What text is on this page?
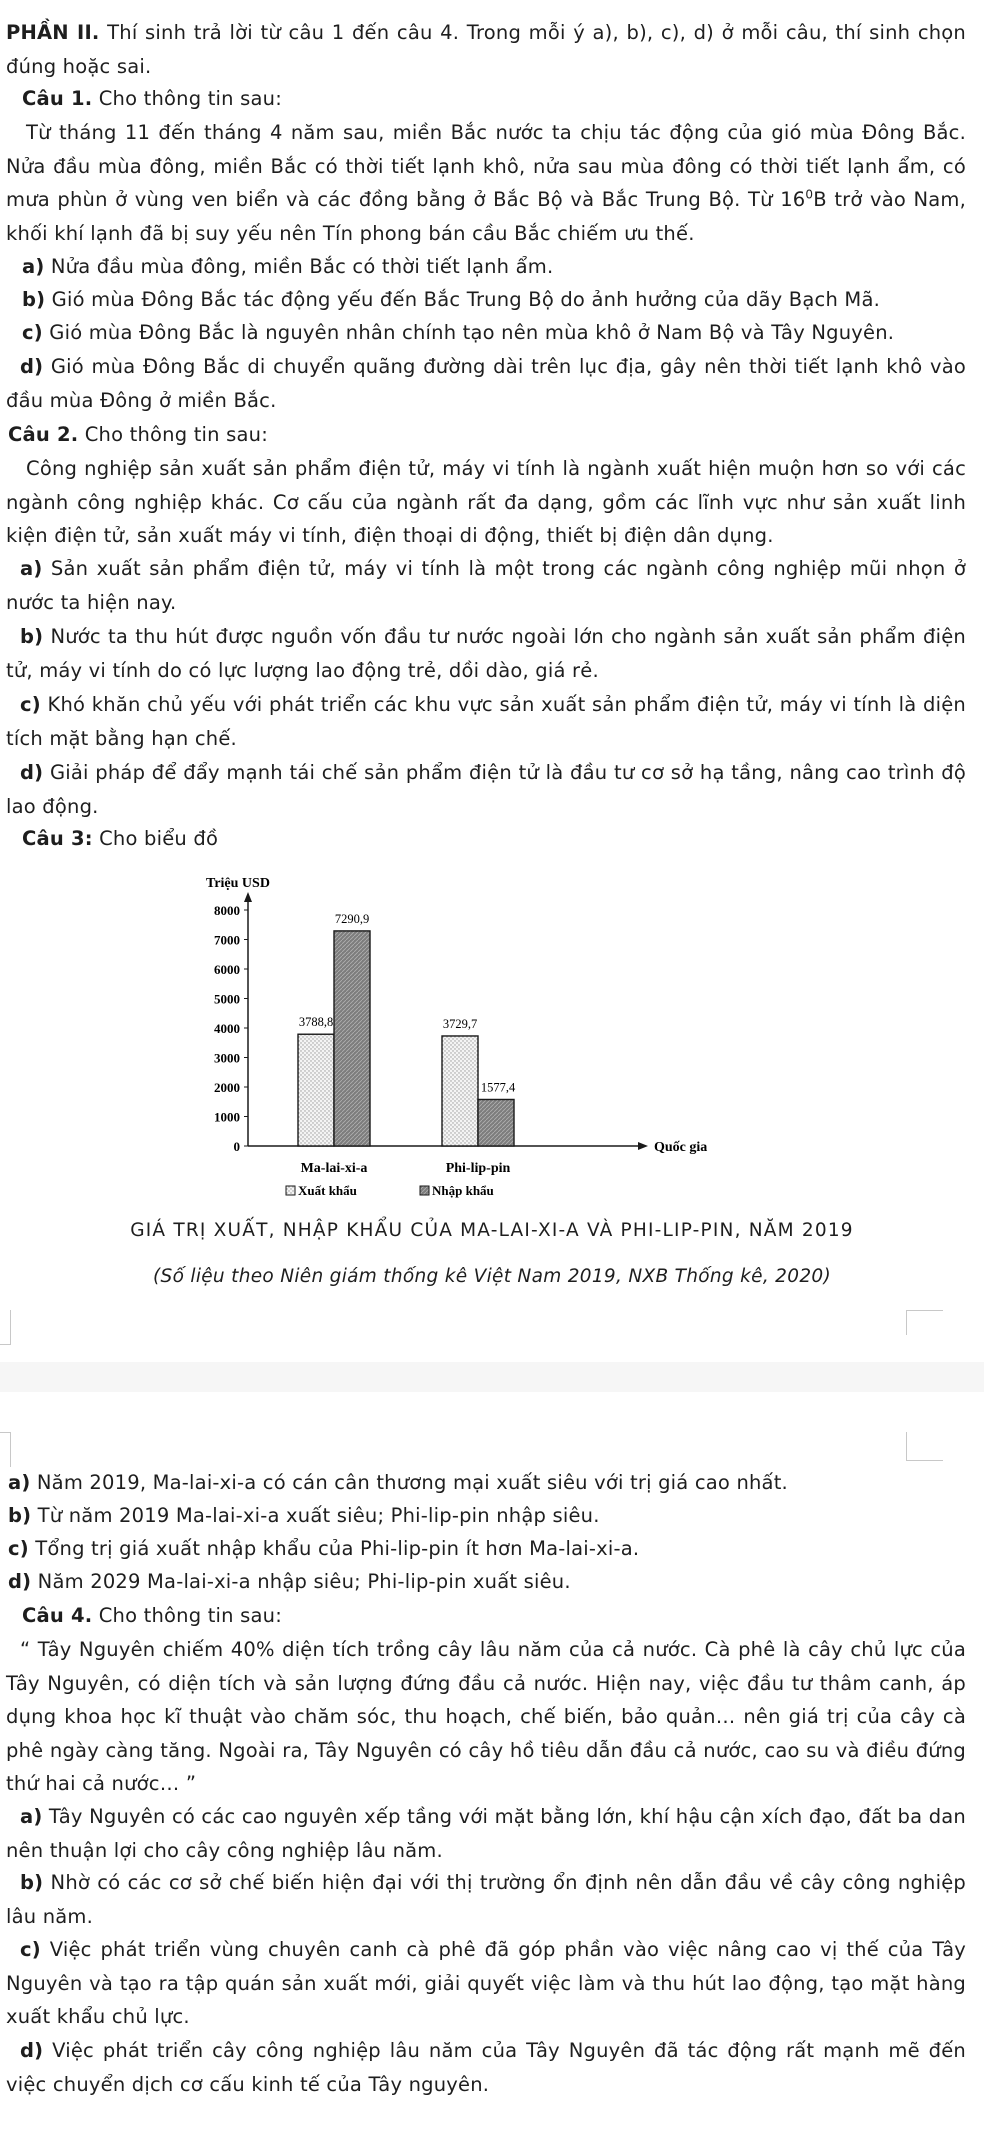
PHẦN II. Thí sinh trả lời từ câu 1 đến câu 4. Trong mỗi ý a), b), c), d) ở mỗi câu, thí sinh chọn đúng hoặc sai.

Câu 1. Cho thông tin sau:

Từ tháng 11 đến tháng 4 năm sau, miền Bắc nước ta chịu tác động của gió mùa Đông Bắc. Nửa đầu mùa đông, miền Bắc có thời tiết lạnh khô, nửa sau mùa đông có thời tiết lạnh ẩm, có mưa phùn ở vùng ven biển và các đồng bằng ở Bắc Bộ và Bắc Trung Bộ. Từ $16^0B$ trở vào Nam, khối khí lạnh đã bị suy yếu nên Tín phong bán cầu Bắc chiếm ưu thế.

a) Nửa đầu mùa đông, miền Bắc có thời tiết lạnh ẩm.

b) Gió mùa Đông Bắc tác động yếu đến Bắc Trung Bộ do ảnh hưởng của dãy Bạch Mã.

c) Gió mùa Đông Bắc là nguyên nhân chính tạo nên mùa khô ở Nam Bộ và Tây Nguyên.

d) Gió mùa Đông Bắc di chuyển quãng đường dài trên lục địa, gây nên thời tiết lạnh khô vào đầu mùa Đông ở miền Bắc.

Câu 2. Cho thông tin sau:

Công nghiệp sản xuất sản phẩm điện tử, máy vi tính là ngành xuất hiện muộn hơn so với các ngành công nghiệp khác. Cơ cấu của ngành rất đa dạng, gồm các lĩnh vực như sản xuất linh kiện điện tử, sản xuất máy vi tính, điện thoại di động, thiết bị điện dân dụng.

a) Sản xuất sản phẩm điện tử, máy vi tính là một trong các ngành công nghiệp mũi nhọn ở nước ta hiện nay.

b) Nước ta thu hút được nguồn vốn đầu tư nước ngoài lớn cho ngành sản xuất sản phẩm điện tử, máy vi tính do có lực lượng lao động trẻ, dồi dào, giá rẻ.

c) Khó khăn chủ yếu với phát triển các khu vực sản xuất sản phẩm điện tử, máy vi tính là diện tích mặt bằng hạn chế.

d) Giải pháp để đẩy mạnh tái chế sản phẩm điện tử là đầu tư cơ sở hạ tầng, nâng cao trình độ lao động.

Câu 3: Cho biểu đồ

Triệu USD
0
1000
2000
3000
4000
5000
6000
7000
8000
Quốc gia
3788,8
7290,9
3729,7
1577,4
Ma-lai-xi-a	Phi-lip-pin
Xuất khẩu	Nhập khẩu

GIÁ TRỊ XUẤT, NHẬP KHẨU CỦA MA-LAI-XI-A VÀ PHI-LIP-PIN, NĂM 2019

(Số liệu theo Niên giám thống kê Việt Nam 2019, NXB Thống kê, 2020)

a) Năm 2019, Ma-lai-xi-a có cán cân thương mại xuất siêu với trị giá cao nhất.

b) Từ năm 2019 Ma-lai-xi-a xuất siêu; Phi-lip-pin nhập siêu.

c) Tổng trị giá xuất nhập khẩu của Phi-lip-pin ít hơn Ma-lai-xi-a.

d) Năm 2029 Ma-lai-xi-a nhập siêu; Phi-lip-pin xuất siêu.

Câu 4. Cho thông tin sau:

“ Tây Nguyên chiếm 40% diện tích trồng cây lâu năm của cả nước. Cà phê là cây chủ lực của Tây Nguyên, có diện tích và sản lượng đứng đầu cả nước. Hiện nay, việc đầu tư thâm canh, áp dụng khoa học kĩ thuật vào chăm sóc, thu hoạch, chế biến, bảo quản… nên giá trị của cây cà phê ngày càng tăng. Ngoài ra, Tây Nguyên có cây hồ tiêu dẫn đầu cả nước, cao su và điều đứng thứ hai cả nước… ”

a) Tây Nguyên có các cao nguyên xếp tầng với mặt bằng lớn, khí hậu cận xích đạo, đất ba dan nên thuận lợi cho cây công nghiệp lâu năm.

b) Nhờ có các cơ sở chế biến hiện đại với thị trường ổn định nên dẫn đầu về cây công nghiệp lâu năm.

c) Việc phát triển vùng chuyên canh cà phê đã góp phần vào việc nâng cao vị thế của Tây Nguyên và tạo ra tập quán sản xuất mới, giải quyết việc làm và thu hút lao động, tạo mặt hàng xuất khẩu chủ lực.

d) Việc phát triển cây công nghiệp lâu năm của Tây Nguyên đã tác động rất mạnh mẽ đến việc chuyển dịch cơ cấu kinh tế của Tây nguyên.
